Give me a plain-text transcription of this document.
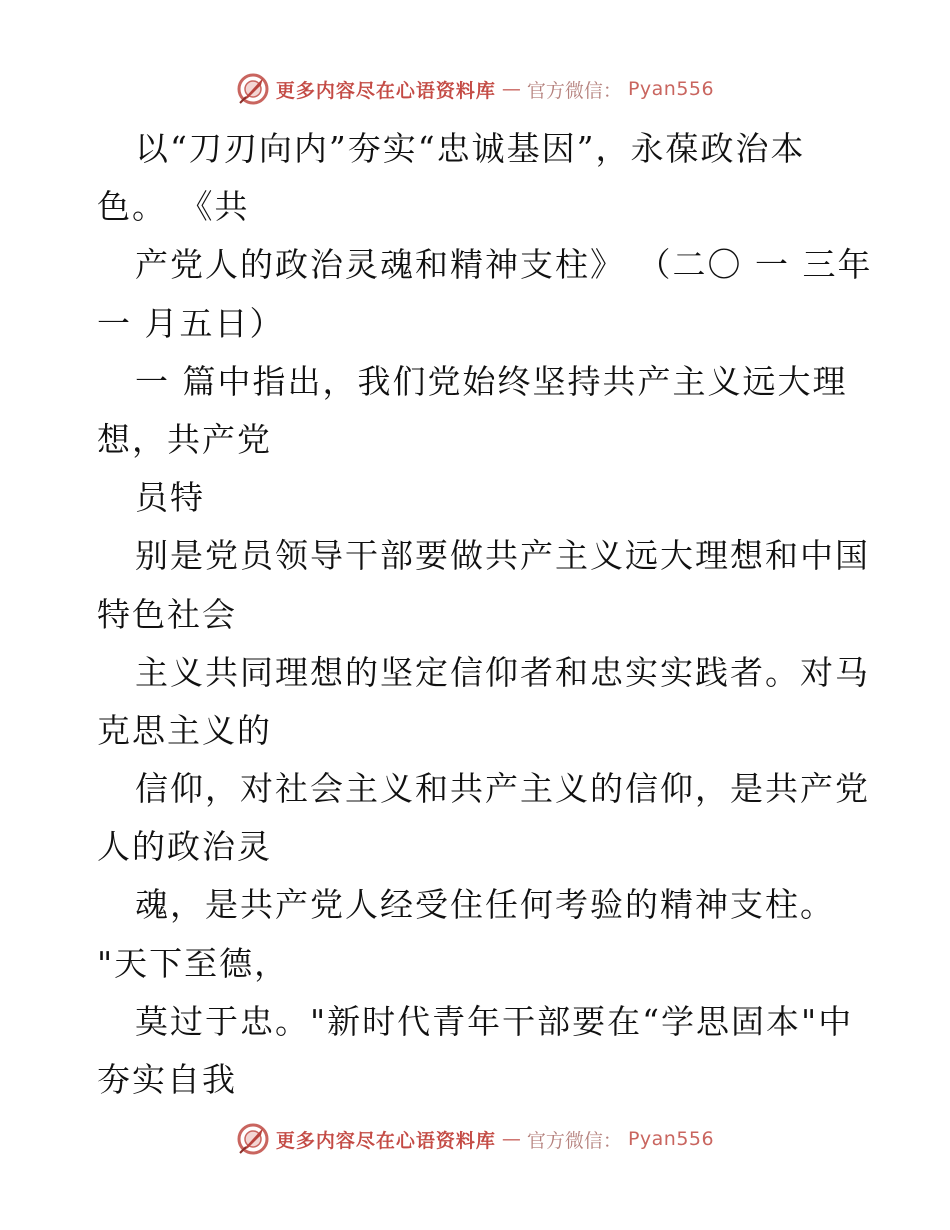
更多内容尽在心语资料库 — 官方微信： Pyan556
以“刀刃向内”夯实“忠诚基因”，永葆政治本
色。 《共
产党人的政治灵魂和精神支柱》 （二〇 一 三年
一 月五日）
一 篇中指出，我们党始终坚持共产主义远大理
想，共产党
员特
别是党员领导干部要做共产主义远大理想和中国
特色社会
主义共同理想的坚定信仰者和忠实实践者。对马
克思主义的
信仰，对社会主义和共产主义的信仰，是共产党
人的政治灵
魂，是共产党人经受住任何考验的精神支柱。
"天下至德，
莫过于忠。"新时代青年干部要在“学思固本"中
夯实自我
更多内容尽在心语资料库 — 官方微信： Pyan556
